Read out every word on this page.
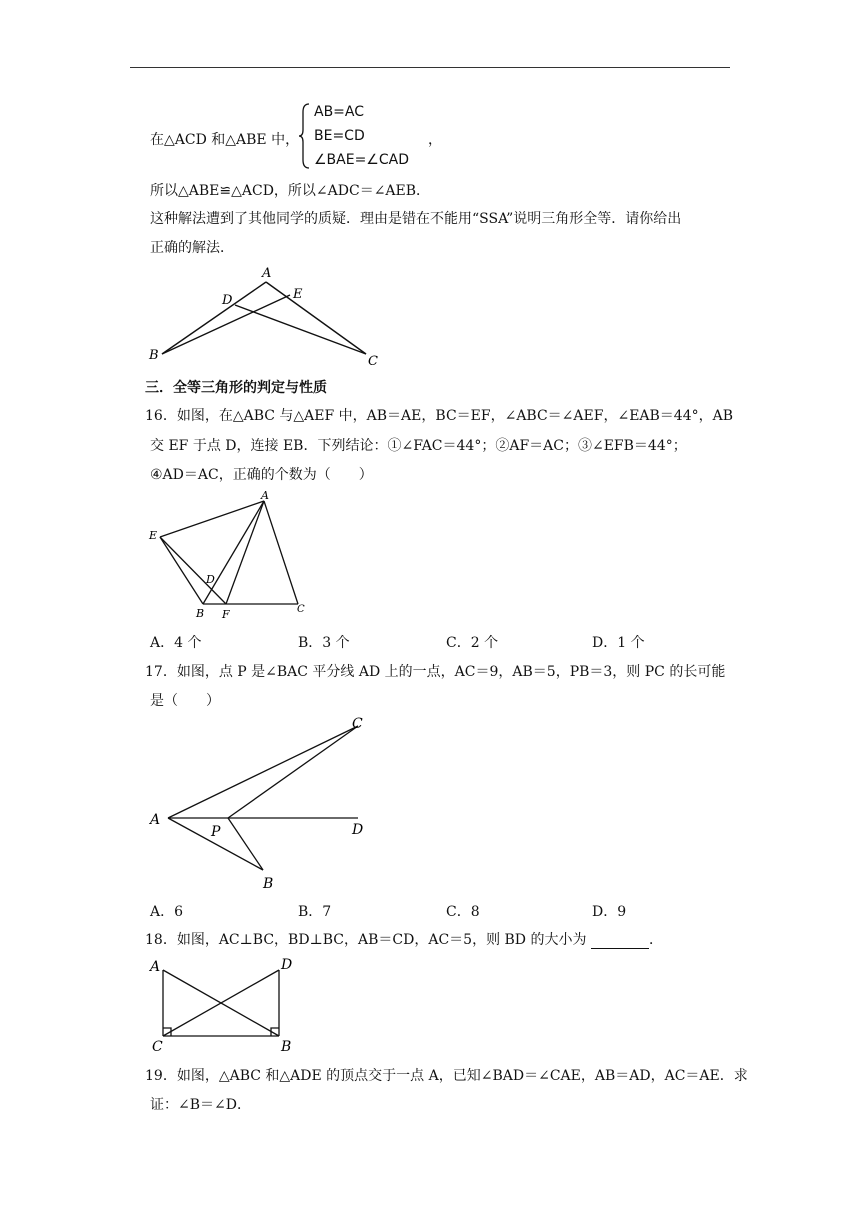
在△ACD 和△ABE 中，
AB=AC
BE=CD
∠BAE=∠CAD
，
所以△ABE≌△ACD，所以∠ADC＝∠AEB．
这种解法遭到了其他同学的质疑．理由是错在不能用“SSA”说明三角形全等．请你给出
正确的解法．
A
D	E
B	C
三．全等三角形的判定与性质
16．如图，在△ABC 与△AEF 中，AB＝AE，BC＝EF，∠ABC＝∠AEF，∠EAB＝44°，AB
交 EF 于点 D，连接 EB．下列结论：①∠FAC＝44°；②AF＝AC；③∠EFB＝44°；
④AD＝AC，正确的个数为（　　）
A
E
D
B F	C
A．4 个	B．3 个	C．2 个	D．1 个
17．如图，点 P 是∠BAC 平分线 AD 上的一点，AC＝9，AB＝5，PB＝3，则 PC 的长可能
是（　　）
C
A
P	D
B
A．6	B．7	C．8	D．9
18．如图，AC⊥BC，BD⊥BC，AB＝CD，AC＝5，则 BD 的大小为	．
A	D
C	B
19．如图，△ABC 和△ADE 的顶点交于一点 A，已知∠BAD＝∠CAE，AB＝AD，AC＝AE．求
证：∠B＝∠D．
